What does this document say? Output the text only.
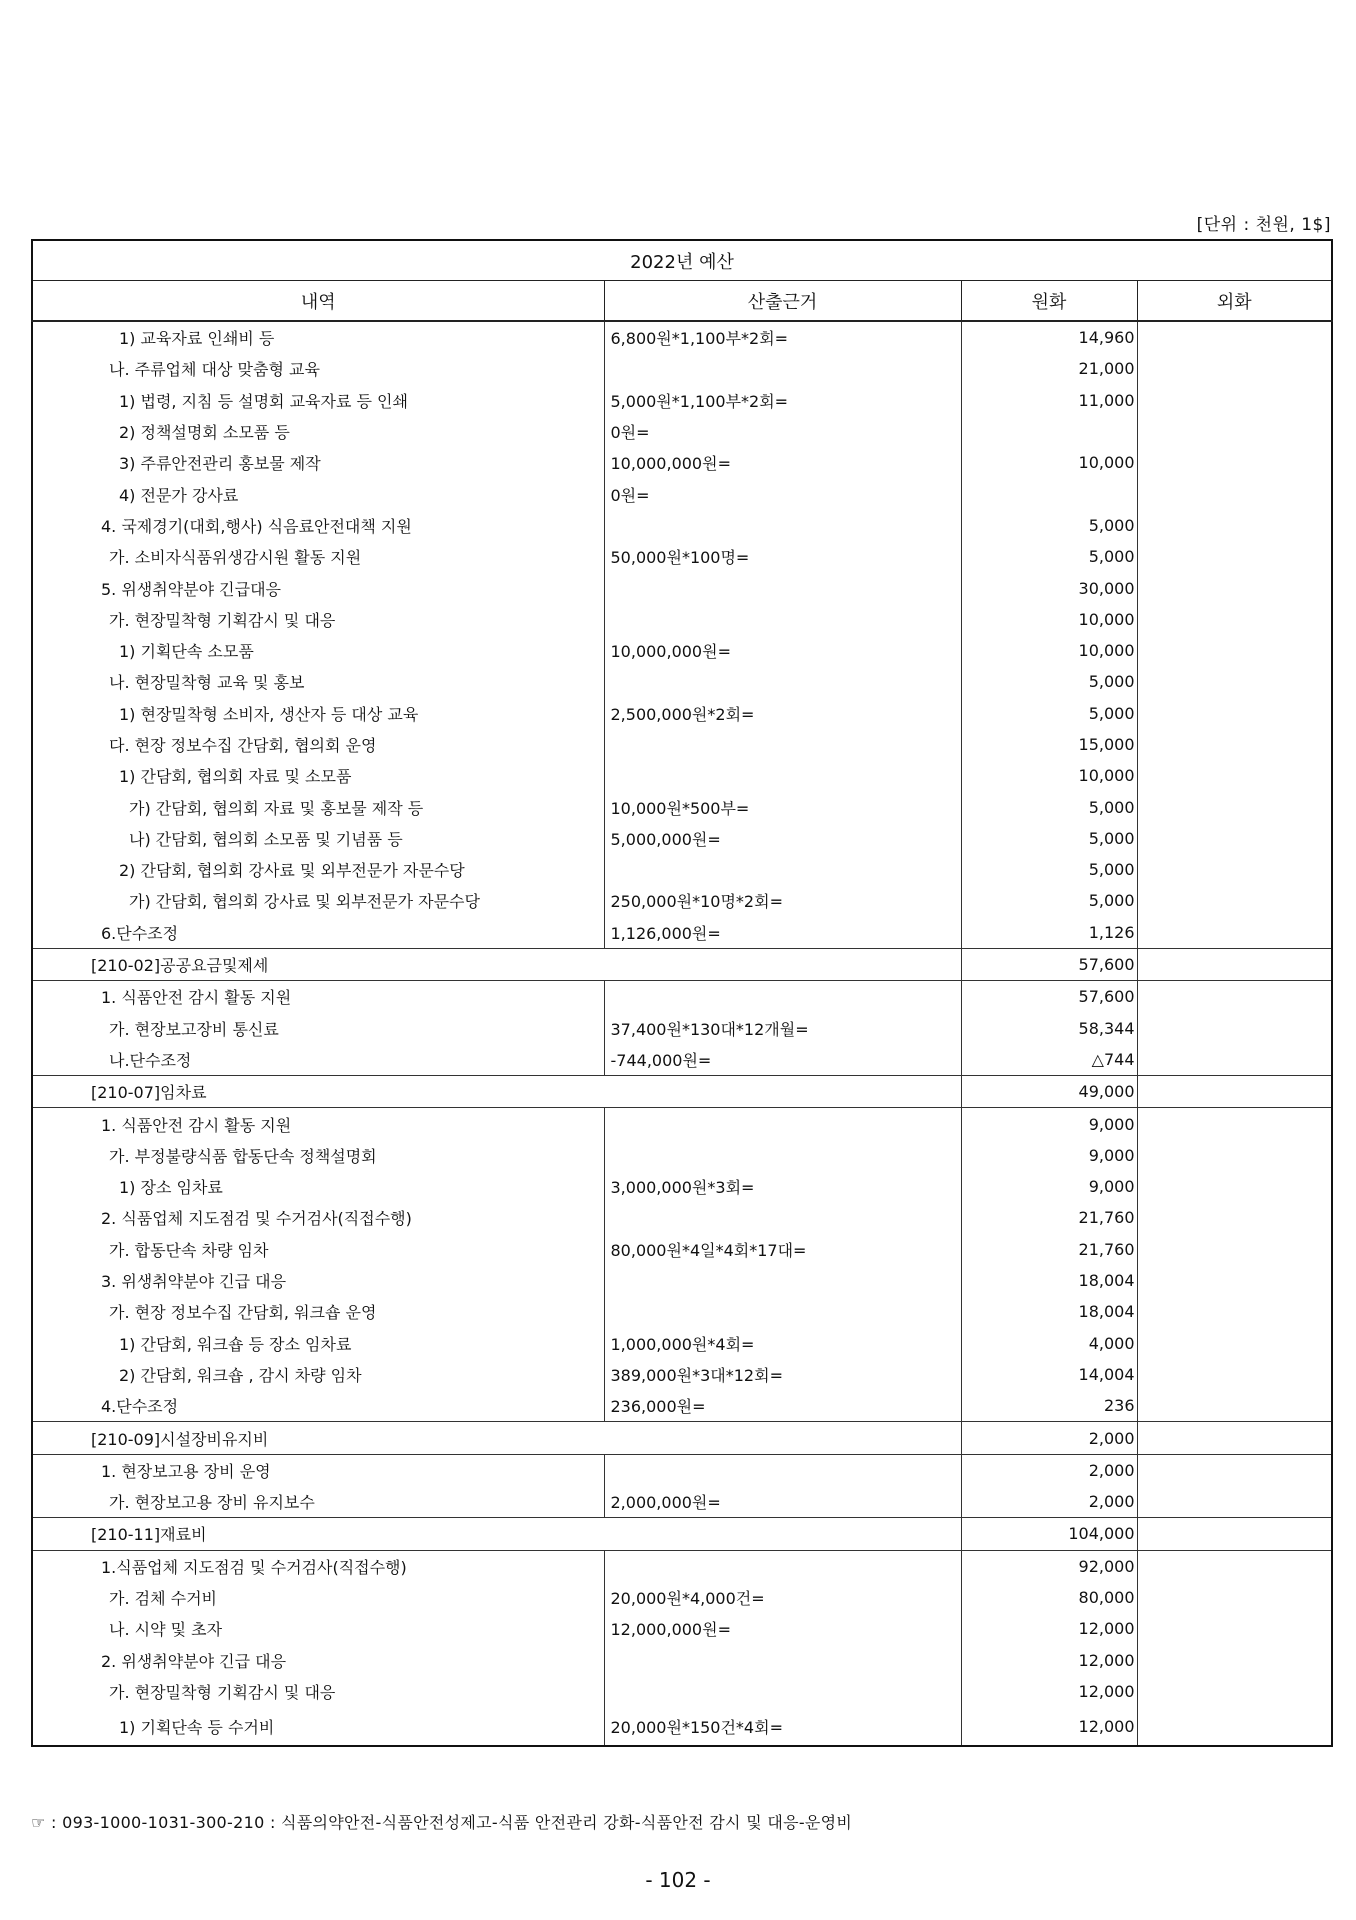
[단위 : 천원, 1$]
2022년 예산			
내역	산출근거	원화	외화
1) 교육자료 인쇄비 등	6,800원*1,100부*2회=	14,960	
나. 주류업체 대상 맞춤형 교육		21,000	
1) 법령, 지침 등 설명회 교육자료 등 인쇄	5,000원*1,100부*2회=	11,000	
2) 정책설명회 소모품 등	0원=		
3) 주류안전관리 홍보물 제작	10,000,000원=	10,000	
4) 전문가 강사료	0원=		
4. 국제경기(대회,행사) 식음료안전대책 지원		5,000	
가. 소비자식품위생감시원 활동 지원	50,000원*100명=	5,000	
5. 위생취약분야 긴급대응		30,000	
가. 현장밀착형 기획감시 및 대응		10,000	
1) 기획단속 소모품	10,000,000원=	10,000	
나. 현장밀착형 교육 및 홍보		5,000	
1) 현장밀착형 소비자, 생산자 등 대상 교육	2,500,000원*2회=	5,000	
다. 현장 정보수집 간담회, 협의회 운영		15,000	
1) 간담회, 협의회 자료 및 소모품		10,000	
가) 간담회, 협의회 자료 및 홍보물 제작 등	10,000원*500부=	5,000	
나) 간담회, 협의회 소모품 및 기념품 등	5,000,000원=	5,000	
2) 간담회, 협의회 강사료 및 외부전문가 자문수당		5,000	
가) 간담회, 협의회 강사료 및 외부전문가 자문수당	250,000원*10명*2회=	5,000	
6.단수조정	1,126,000원=	1,126	
[210-02]공공요금및제세		57,600	
1. 식품안전 감시 활동 지원		57,600	
가. 현장보고장비 통신료	37,400원*130대*12개월=	58,344	
나.단수조정	-744,000원=	△744	
[210-07]임차료		49,000	
1. 식품안전 감시 활동 지원		9,000	
가. 부정불량식품 합동단속 정책설명회		9,000	
1) 장소 임차료	3,000,000원*3회=	9,000	
2. 식품업체 지도점검 및 수거검사(직접수행)		21,760	
가. 합동단속 차량 임차	80,000원*4일*4회*17대=	21,760	
3. 위생취약분야 긴급 대응		18,004	
가. 현장 정보수집 간담회, 워크숍 운영		18,004	
1) 간담회, 워크숍 등 장소 임차료	1,000,000원*4회=	4,000	
2) 간담회, 워크숍 , 감시 차량 임차	389,000원*3대*12회=	14,004	
4.단수조정	236,000원=	236	
[210-09]시설장비유지비		2,000	
1. 현장보고용 장비 운영		2,000	
가. 현장보고용 장비 유지보수	2,000,000원=	2,000	
[210-11]재료비		104,000	
1.식품업체 지도점검 및 수거검사(직접수행)		92,000	
가. 검체 수거비	20,000원*4,000건=	80,000	
나. 시약 및 초자	12,000,000원=	12,000	
2. 위생취약분야 긴급 대응		12,000	
가. 현장밀착형 기획감시 및 대응		12,000	
1) 기획단속 등 수거비	20,000원*150건*4회=	12,000	
☞ : 093-1000-1031-300-210 : 식품의약안전-식품안전성제고-식품 안전관리 강화-식품안전 감시 및 대응-운영비
- 102 -
